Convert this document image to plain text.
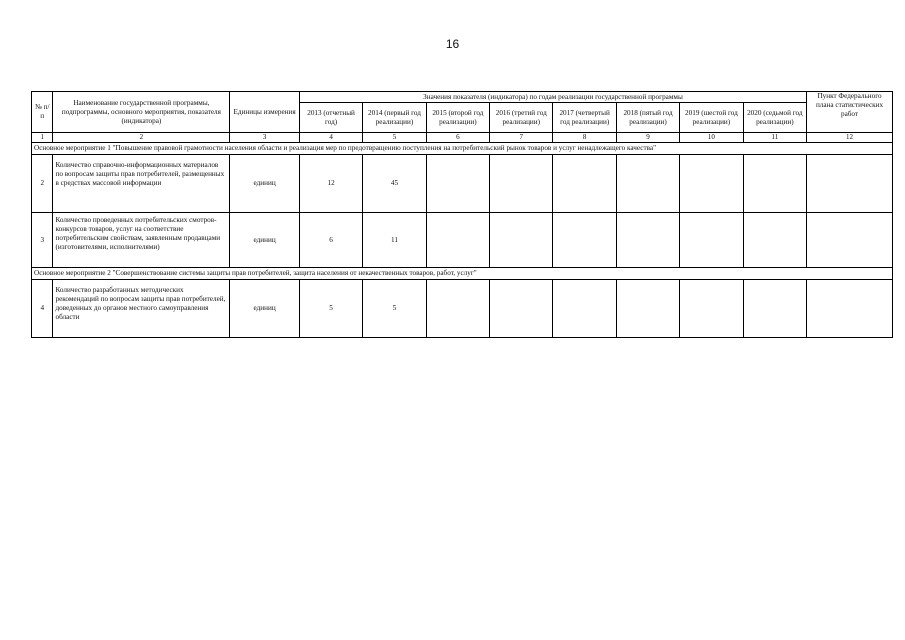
16
№ п/п	Наименование государственной программы, подпрограммы, основного мероприятия, показателя (индикатора)	Единицы измерения	Значения показателя (индикатора) по годам реализации государственной программы								Пункт Федерального плана статистических работ
			2013 (отчетный год)	2014 (первый год реализации)	2015 (второй год реализации)	2016 (третий год реализации)	2017 (четвертый год реализации)	2018 (пятый год реализации)	2019 (шестой год реализации)	2020 (седьмой год реализации)	
1	2	3	4	5	6	7	8	9	10	11	12
Основное мероприятие 1 "Повышение правовой грамотности населения области и реализация мер по предотвращению поступления на потребительский рынок товаров и услуг ненадлежащего качества"											
2	Количество справочно-информационных материалов по вопросам защиты прав потребителей, размещенных в средствах массовой информации	единиц	12	45							
3	Количество проведенных потребительских смотров-конкурсов товаров, услуг на соответствие потребительским свойствам, заявленным продавцами (изготовителями, исполнителями)	единиц	6	11							
Основное мероприятие 2 "Совершенствование системы защиты прав потребителей, защита населения от некачественных товаров, работ, услуг"											
4	Количество разработанных методических рекомендаций по вопросам защиты прав потребителей, доведенных до органов местного самоуправления области	единиц	5	5							
